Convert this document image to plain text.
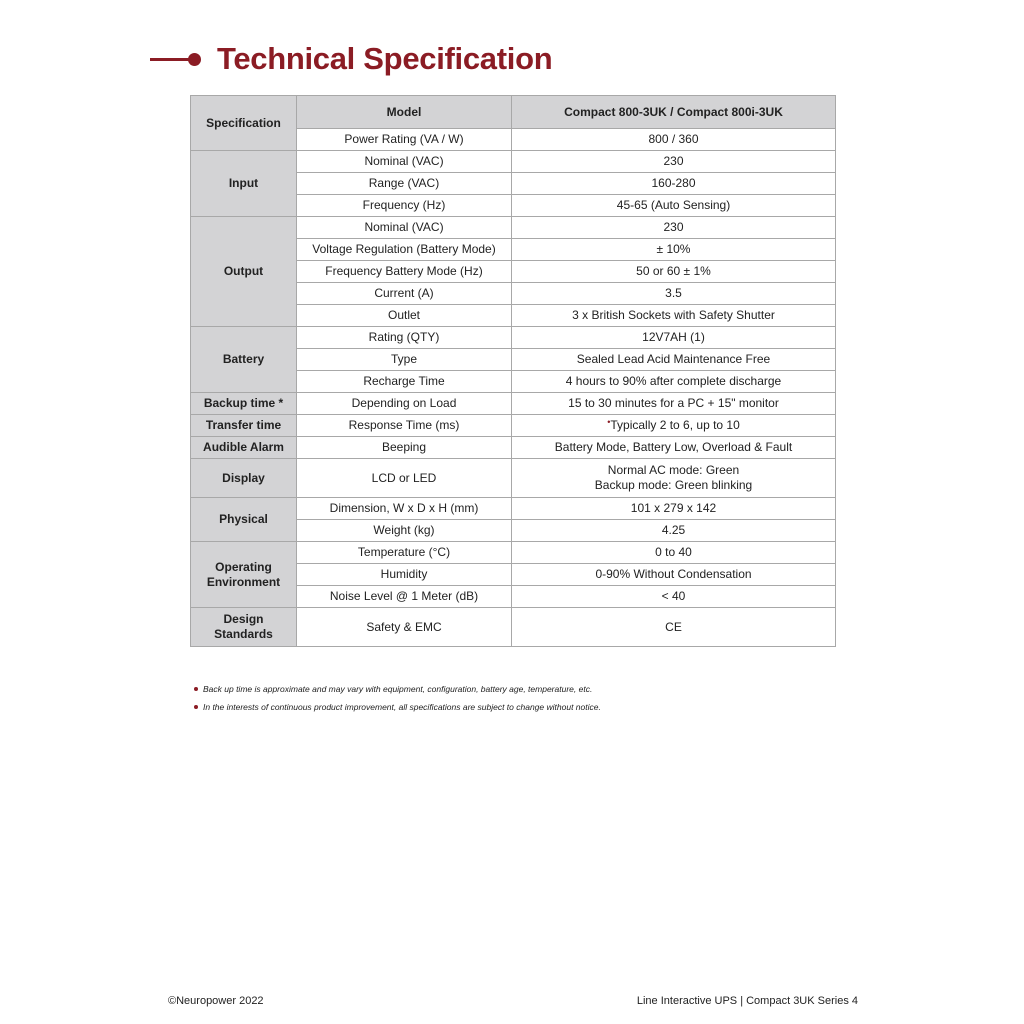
Technical Specification
Specification	Model	Compact 800-3UK / Compact 800i-3UK
	Power Rating (VA / W)	800 / 360
Input	Nominal (VAC)	230
	Range (VAC)	160-280
	Frequency (Hz)	45-65 (Auto Sensing)
Output	Nominal (VAC)	230
	Voltage Regulation (Battery Mode)	± 10%
	Frequency Battery Mode (Hz)	50 or 60 ± 1%
	Current (A)	3.5
	Outlet	3 x British Sockets with Safety Shutter
Battery	Rating (QTY)	12V7AH (1)
	Type	Sealed Lead Acid Maintenance Free
	Recharge Time	4 hours to 90% after complete discharge
Backup time *	Depending on Load	15 to 30 minutes for a PC + 15" monitor
Transfer time	Response Time (ms)	•Typically 2 to 6, up to 10
Audible Alarm	Beeping	Battery Mode, Battery Low, Overload & Fault
Display	LCD or LED	Normal AC mode: Green
Backup mode: Green blinking
Physical	Dimension, W x D x H (mm)	101 x 279 x 142
	Weight (kg)	4.25
Operating Environment	Temperature (°C)	0 to 40
	Humidity	0-90% Without Condensation
	Noise Level @ 1 Meter (dB)	< 40
Design Standards	Safety & EMC	CE
Back up time is approximate and may vary with equipment, configuration, battery age, temperature, etc.
In the interests of continuous product improvement, all specifications are subject to change without notice.
©Neuropower 2022	Line Interactive UPS | Compact 3UK Series 4
